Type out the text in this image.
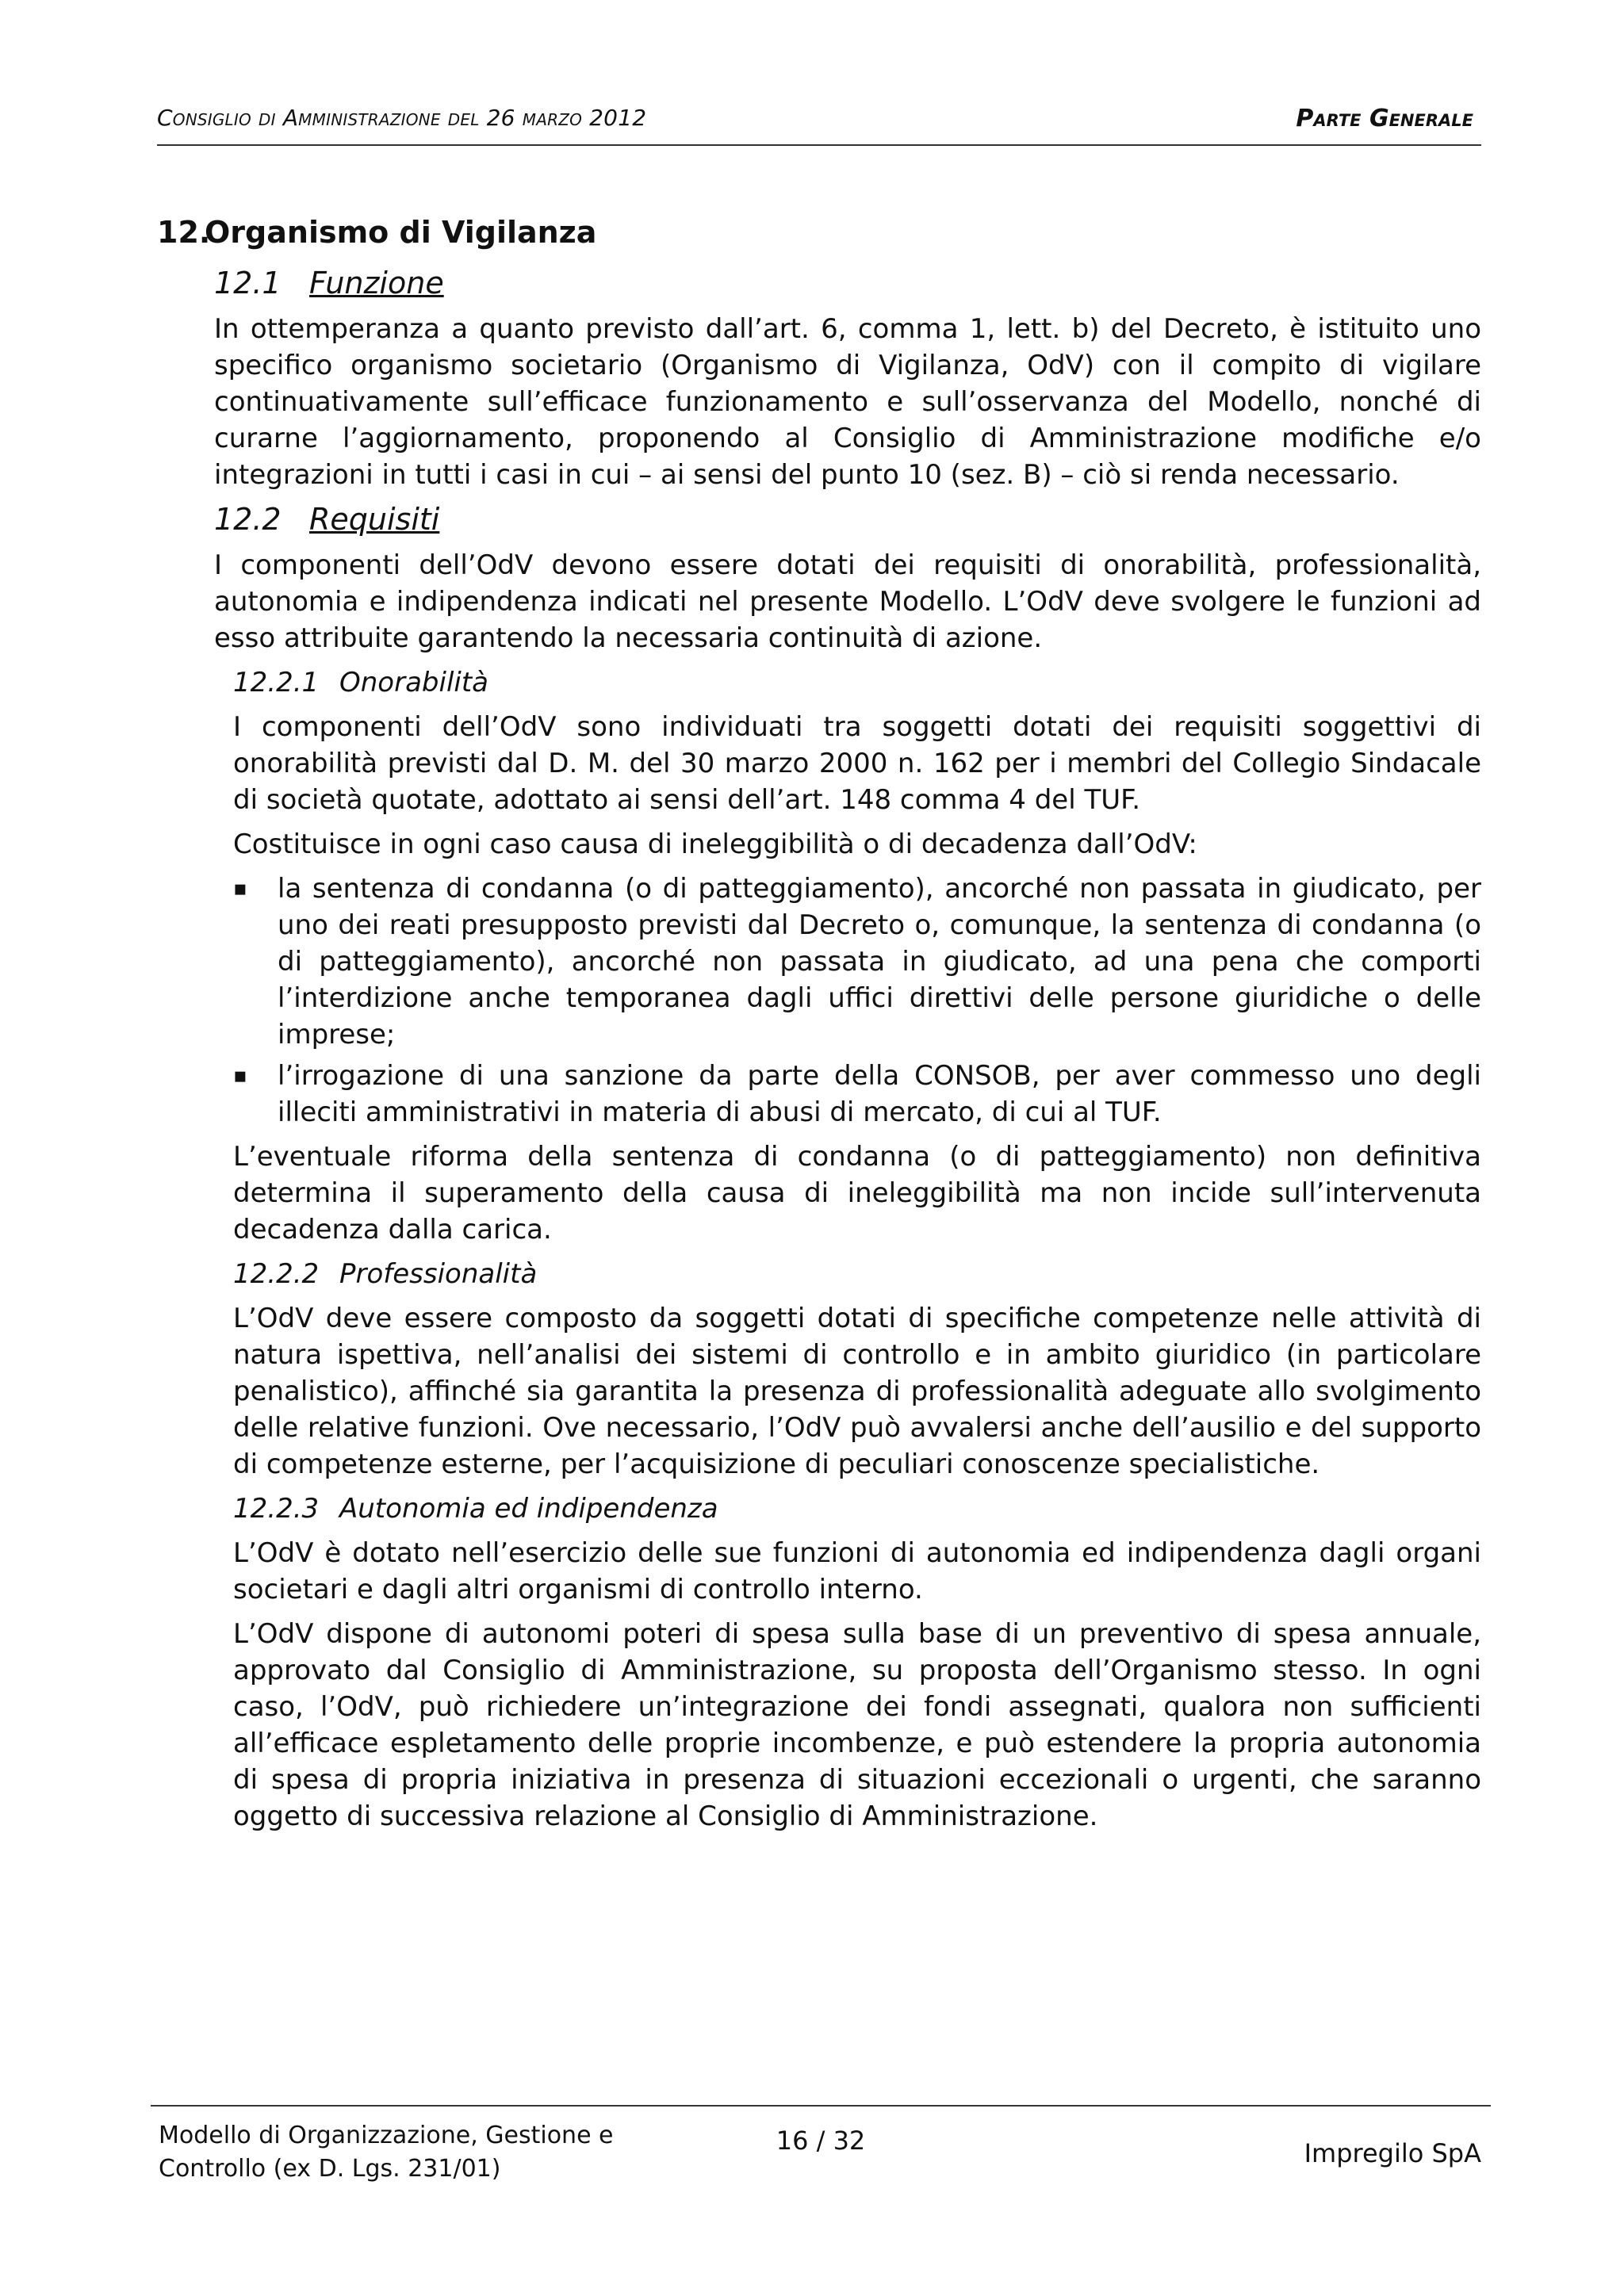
Consiglio di Amministrazione del 26 marzo 2012	Parte Generale
12.Organismo di Vigilanza
12.1 Funzione

In ottemperanza a quanto previsto dall’art. 6, comma 1, lett. b) del Decreto, è istituito uno specifico organismo societario (Organismo di Vigilanza, OdV) con il compito di vigilare continuativamente sull’efficace funzionamento e sull’osservanza del Modello, nonché di curarne l’aggiornamento, proponendo al Consiglio di Amministrazione modifiche e/o integrazioni in tutti i casi in cui – ai sensi del punto 10 (sez. B) – ciò si renda necessario.

12.2 Requisiti

I componenti dell’OdV devono essere dotati dei requisiti di onorabilità, professionalità, autonomia e indipendenza indicati nel presente Modello. L’OdV deve svolgere le funzioni ad esso attribuite garantendo la necessaria continuità di azione.

12.2.1 Onorabilità

I componenti dell’OdV sono individuati tra soggetti dotati dei requisiti soggettivi di onorabilità previsti dal D. M. del 30 marzo 2000 n. 162 per i membri del Collegio Sindacale di società quotate, adottato ai sensi dell’art. 148 comma 4 del TUF.

Costituisce in ogni caso causa di ineleggibilità o di decadenza dall’OdV:

▪ la sentenza di condanna (o di patteggiamento), ancorché non passata in giudicato, per uno dei reati presupposto previsti dal Decreto o, comunque, la sentenza di condanna (o di patteggiamento), ancorché non passata in giudicato, ad una pena che comporti l’interdizione anche temporanea dagli uffici direttivi delle persone giuridiche o delle imprese;
▪ l’irrogazione di una sanzione da parte della CONSOB, per aver commesso uno degli illeciti amministrativi in materia di abusi di mercato, di cui al TUF.

L’eventuale riforma della sentenza di condanna (o di patteggiamento) non definitiva determina il superamento della causa di ineleggibilità ma non incide sull’intervenuta decadenza dalla carica.

12.2.2 Professionalità

L’OdV deve essere composto da soggetti dotati di specifiche competenze nelle attività di natura ispettiva, nell’analisi dei sistemi di controllo e in ambito giuridico (in particolare penalistico), affinché sia garantita la presenza di professionalità adeguate allo svolgimento delle relative funzioni. Ove necessario, l’OdV può avvalersi anche dell’ausilio e del supporto di competenze esterne, per l’acquisizione di peculiari conoscenze specialistiche.

12.2.3 Autonomia ed indipendenza

L’OdV è dotato nell’esercizio delle sue funzioni di autonomia ed indipendenza dagli organi societari e dagli altri organismi di controllo interno.

L’OdV dispone di autonomi poteri di spesa sulla base di un preventivo di spesa annuale, approvato dal Consiglio di Amministrazione, su proposta dell’Organismo stesso. In ogni caso, l’OdV, può richiedere un’integrazione dei fondi assegnati, qualora non sufficienti all’efficace espletamento delle proprie incombenze, e può estendere la propria autonomia di spesa di propria iniziativa in presenza di situazioni eccezionali o urgenti, che saranno oggetto di successiva relazione al Consiglio di Amministrazione.

Modello di Organizzazione, Gestione e
Controllo (ex D. Lgs. 231/01)
16 / 32	Impregilo SpA
